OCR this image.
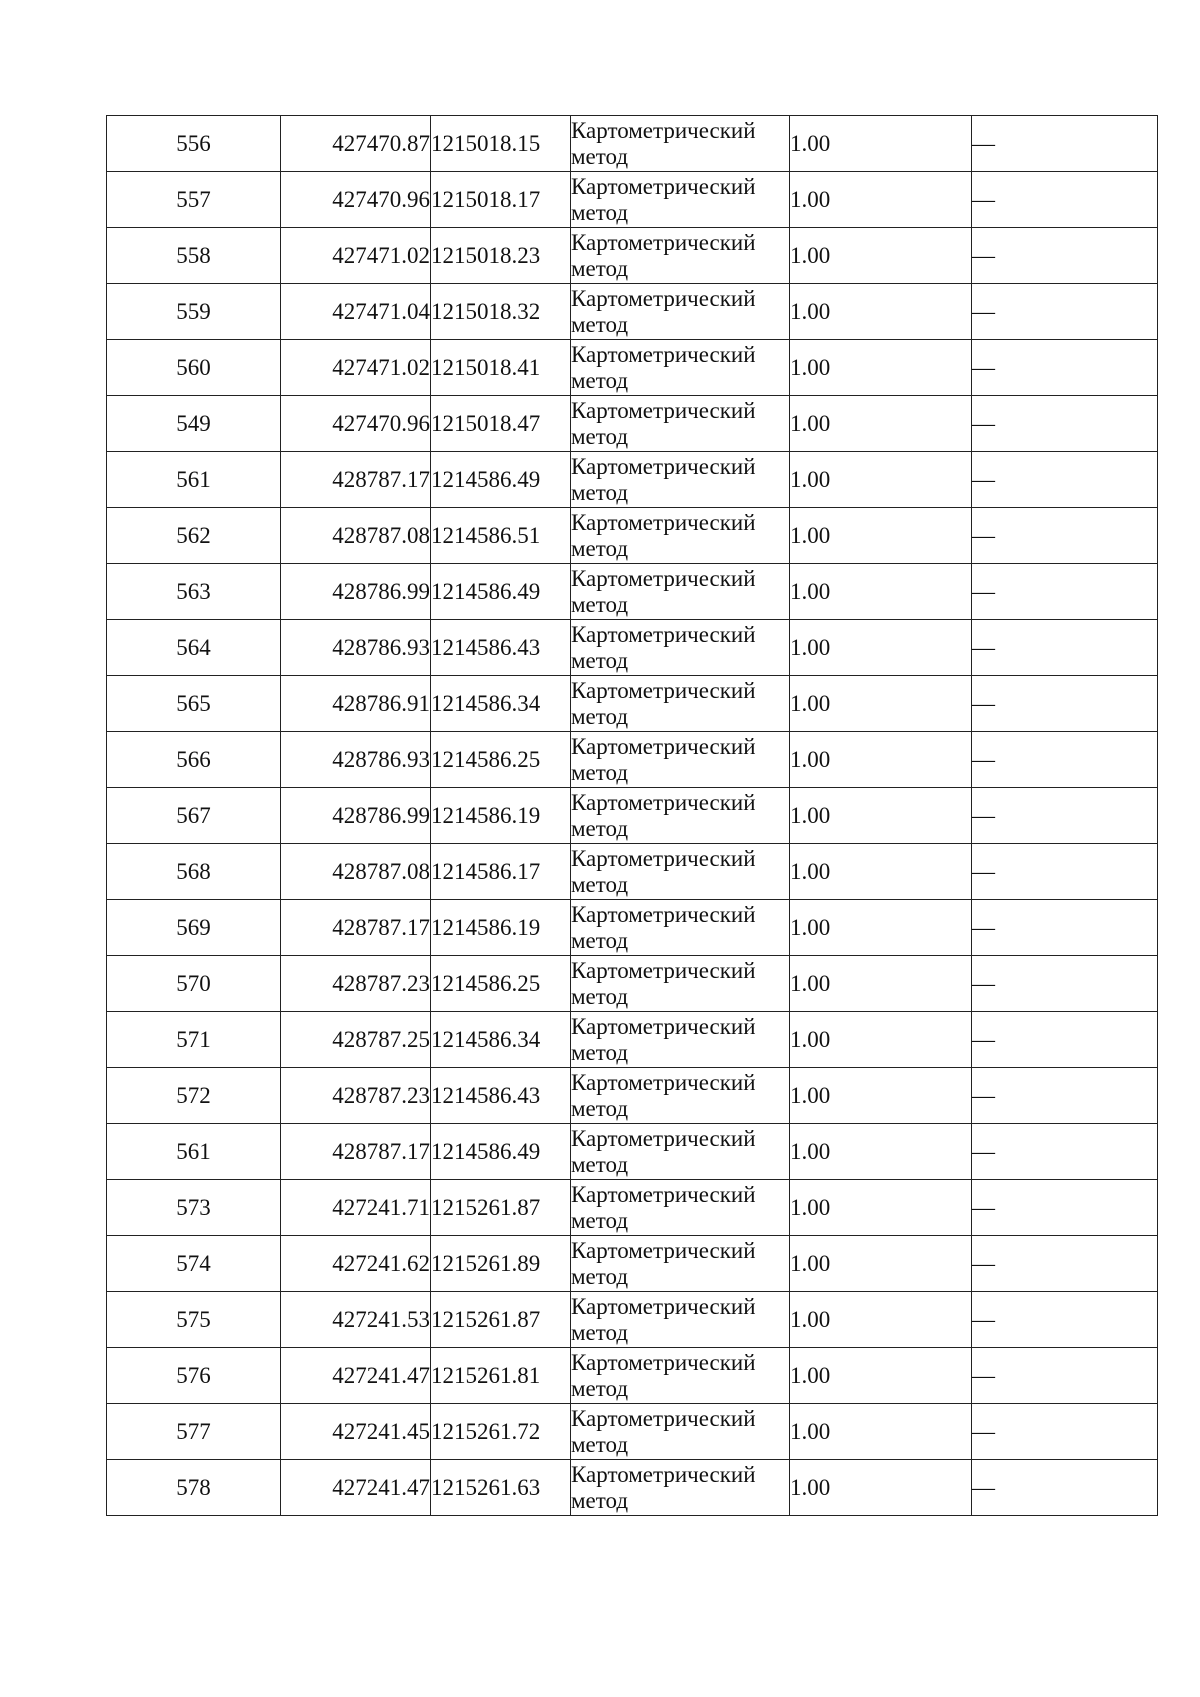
556	427470.87	1215018.15	Картометрический
метод	1.00	—
557	427470.96	1215018.17	Картометрический
метод	1.00	—
558	427471.02	1215018.23	Картометрический
метод	1.00	—
559	427471.04	1215018.32	Картометрический
метод	1.00	—
560	427471.02	1215018.41	Картометрический
метод	1.00	—
549	427470.96	1215018.47	Картометрический
метод	1.00	—
561	428787.17	1214586.49	Картометрический
метод	1.00	—
562	428787.08	1214586.51	Картометрический
метод	1.00	—
563	428786.99	1214586.49	Картометрический
метод	1.00	—
564	428786.93	1214586.43	Картометрический
метод	1.00	—
565	428786.91	1214586.34	Картометрический
метод	1.00	—
566	428786.93	1214586.25	Картометрический
метод	1.00	—
567	428786.99	1214586.19	Картометрический
метод	1.00	—
568	428787.08	1214586.17	Картометрический
метод	1.00	—
569	428787.17	1214586.19	Картометрический
метод	1.00	—
570	428787.23	1214586.25	Картометрический
метод	1.00	—
571	428787.25	1214586.34	Картометрический
метод	1.00	—
572	428787.23	1214586.43	Картометрический
метод	1.00	—
561	428787.17	1214586.49	Картометрический
метод	1.00	—
573	427241.71	1215261.87	Картометрический
метод	1.00	—
574	427241.62	1215261.89	Картометрический
метод	1.00	—
575	427241.53	1215261.87	Картометрический
метод	1.00	—
576	427241.47	1215261.81	Картометрический
метод	1.00	—
577	427241.45	1215261.72	Картометрический
метод	1.00	—
578	427241.47	1215261.63	Картометрический
метод	1.00	—
